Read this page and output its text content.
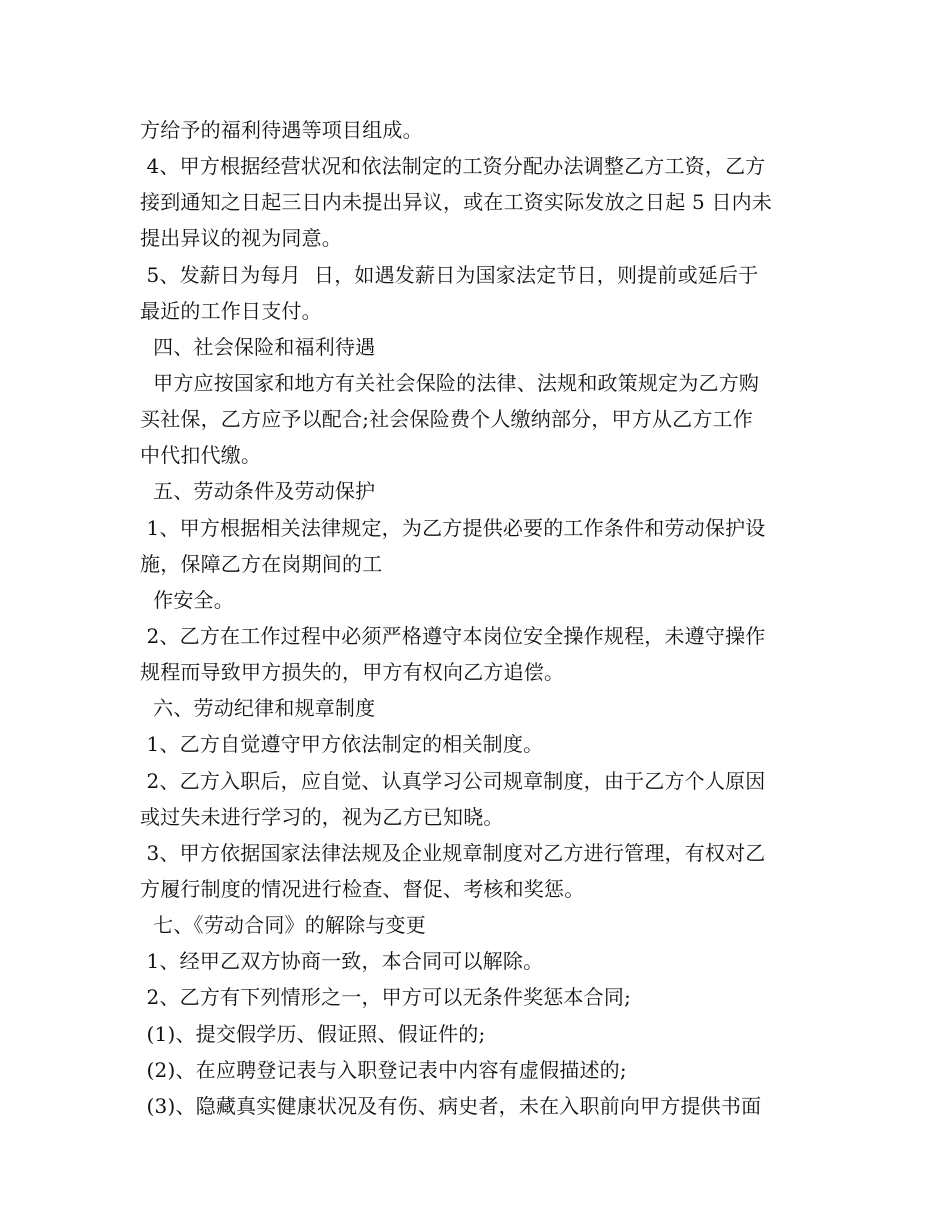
方给予的福利待遇等项目组成。
4、甲方根据经营状况和依法制定的工资分配办法调整乙方工资，乙方
接到通知之日起三日内未提出异议，或在工资实际发放之日起 5 日内未
提出异议的视为同意。
5、发薪日为每月  日，如遇发薪日为国家法定节日，则提前或延后于
最近的工作日支付。
四、社会保险和福利待遇
甲方应按国家和地方有关社会保险的法律、法规和政策规定为乙方购
买社保，乙方应予以配合;社会保险费个人缴纳部分，甲方从乙方工作
中代扣代缴。
五、劳动条件及劳动保护
1、甲方根据相关法律规定，为乙方提供必要的工作条件和劳动保护设
施，保障乙方在岗期间的工
作安全。
2、乙方在工作过程中必须严格遵守本岗位安全操作规程，未遵守操作
规程而导致甲方损失的，甲方有权向乙方追偿。
六、劳动纪律和规章制度
1、乙方自觉遵守甲方依法制定的相关制度。
2、乙方入职后，应自觉、认真学习公司规章制度，由于乙方个人原因
或过失未进行学习的，视为乙方已知晓。
3、甲方依据国家法律法规及企业规章制度对乙方进行管理，有权对乙
方履行制度的情况进行检查、督促、考核和奖惩。
七、《劳动合同》的解除与变更
1、经甲乙双方协商一致，本合同可以解除。
2、乙方有下列情形之一，甲方可以无条件奖惩本合同;
(1)、提交假学历、假证照、假证件的;
(2)、在应聘登记表与入职登记表中内容有虚假描述的;
(3)、隐藏真实健康状况及有伤、病史者，未在入职前向甲方提供书面
